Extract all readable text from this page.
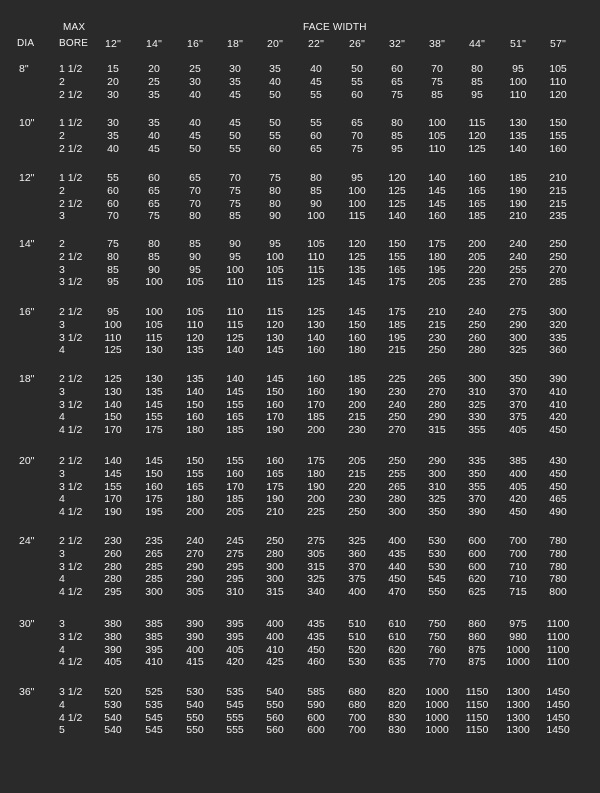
MAX	FACE WIDTH
DIA BORE	12"	14"	16"	18"	20"	22"	26"	32"	38"	44"	51"	57"
8"	1 1/2	15	20	25	30	35	40	50	60	70	80	95	105
2	20	25	30	35	40	45	55	65	75	85	100	110
2 1/2	30	35	40	45	50	55	60	75	85	95	110	120
10" 1 1/2	30	35	40	45	50	55	65	80	100	115	130	150
2	35	40	45	50	55	60	70	85	105	120	135	155
2 1/2	40	45	50	55	60	65	75	95	110	125	140	160
12" 1 1/2	55	60	65	70	75	80	95	120	140	160	185	210
2	60	65	70	75	80	85	100	125	145	165	190	215
2 1/2	60	65	70	75	80	90	100	125	145	165	190	215
3	70	75	80	85	90	100	115	140	160	185	210	235
14" 2	75	80	85	90	95	105	120	150	175	200	240	250
2 1/2	80	85	90	95	100	110	125	155	180	205	240	250
3	85	90	95	100	105	115	135	165	195	220	255	270
3 1/2	95	100	105	110	115	125	145	175	205	235	270	285
16" 2 1/2	95	100	105	110	115	125	145	175	210	240	275	300
3	100	105	110	115	120	130	150	185	215	250	290	320
3 1/2	110	115	120	125	130	140	160	195	230	260	300	335
4	125	130	135	140	145	160	180	215	250	280	325	360
18" 2 1/2	125	130	135	140	145	160	185	225	265	300	350	390
3	130	135	140	145	150	160	190	230	270	310	370	410
3 1/2	140	145	150	155	160	170	200	240	280	325	370	410
4	150	155	160	165	170	185	215	250	290	330	375	420
4 1/2	170	175	180	185	190	200	230	270	315	355	405	450
20" 2 1/2	140	145	150	155	160	175	205	250	290	335	385	430
3	145	150	155	160	165	180	215	255	300	350	400	450
3 1/2	155	160	165	170	175	190	220	265	310	355	405	450
4	170	175	180	185	190	200	230	280	325	370	420	465
4 1/2	190	195	200	205	210	225	250	300	350	390	450	490
24" 2 1/2	230	235	240	245	250	275	325	400	530	600	700	780
3	260	265	270	275	280	305	360	435	530	600	700	780
3 1/2	280	285	290	295	300	315	370	440	530	600	710	780
4	280	285	290	295	300	325	375	450	545	620	710	780
4 1/2	295	300	305	310	315	340	400	470	550	625	715	800
30" 3	380	385	390	395	400	435	510	610	750	860	975	1100
3 1/2	380	385	390	395	400	435	510	610	750	860	980	1100
4	390	395	400	405	410	450	520	620	760	875	1000	1100
4 1/2	405	410	415	420	425	460	530	635	770	875	1000	1100
36" 3 1/2	520	525	530	535	540	585	680	820	1000	1150	1300	1450
4	530	535	540	545	550	590	680	820	1000	1150	1300	1450
4 1/2	540	545	550	555	560	600	700	830	1000	1150	1300	1450
5	540	545	550	555	560	600	700	830	1000	1150	1300	1450
